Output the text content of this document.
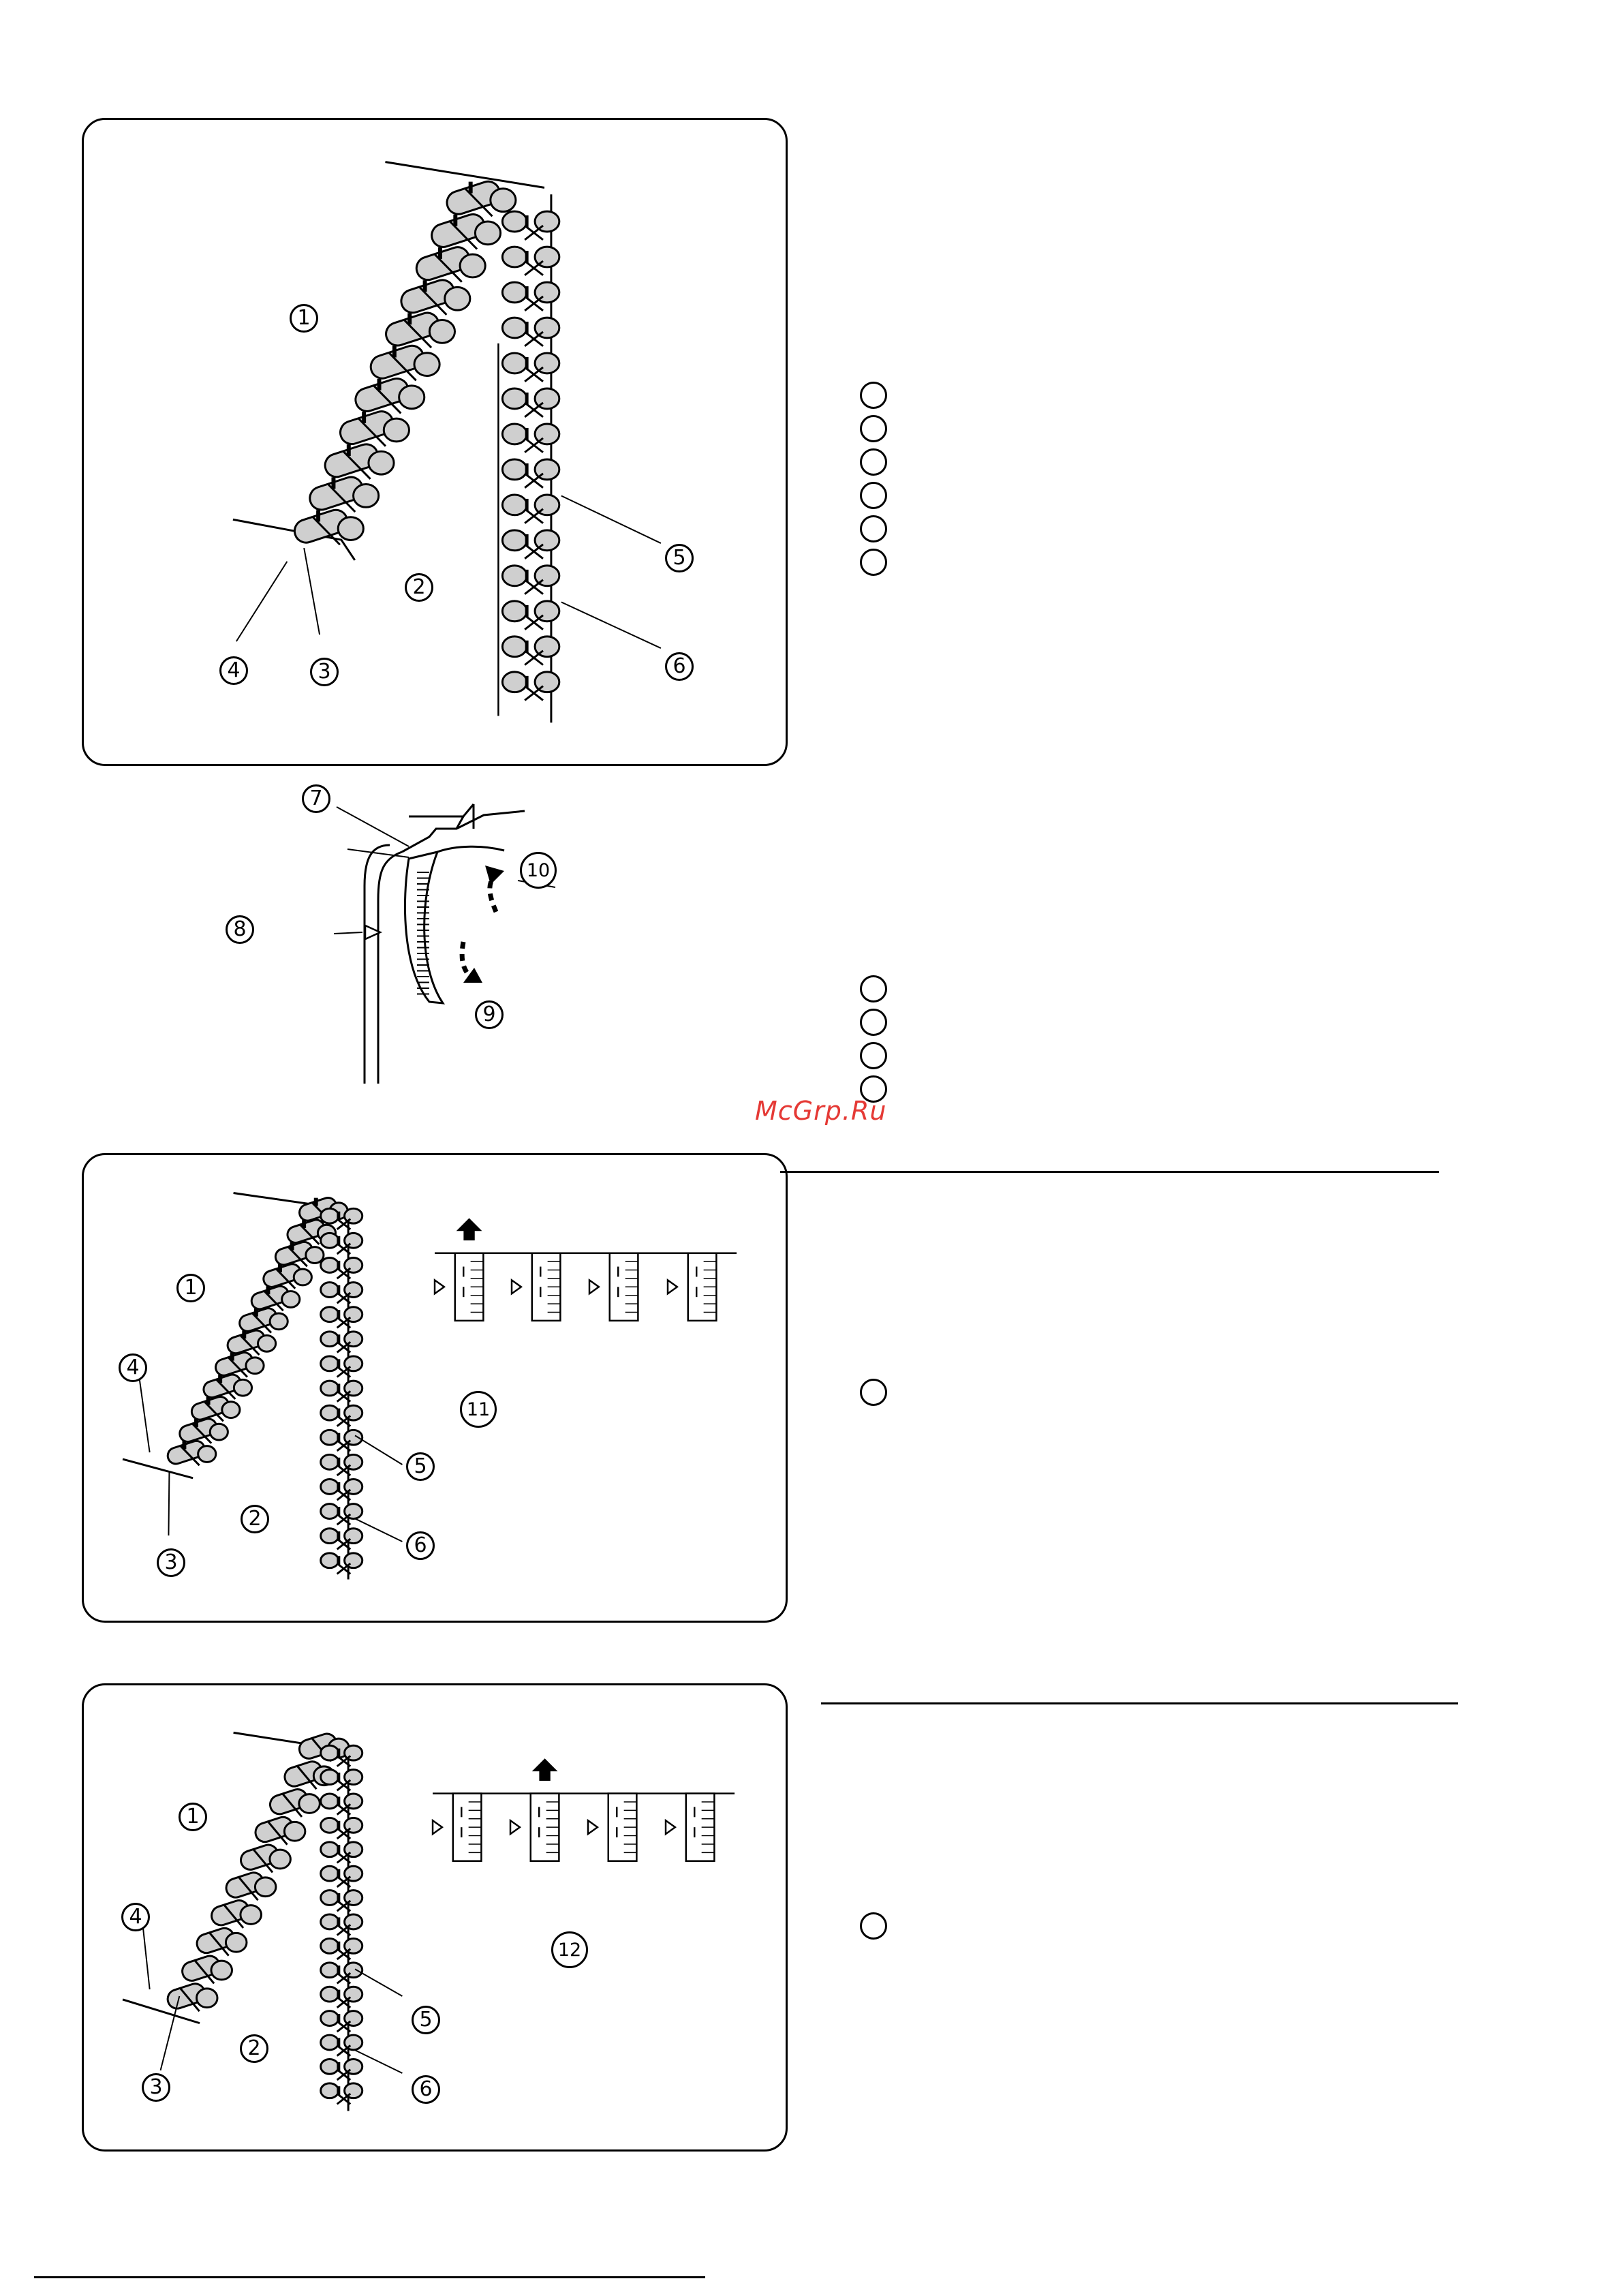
1
2
3
4
5
6
7
8
9
10
1
2
3
4
5
6
11
1
2
3
4
5
6
12
McGrp.Ru
